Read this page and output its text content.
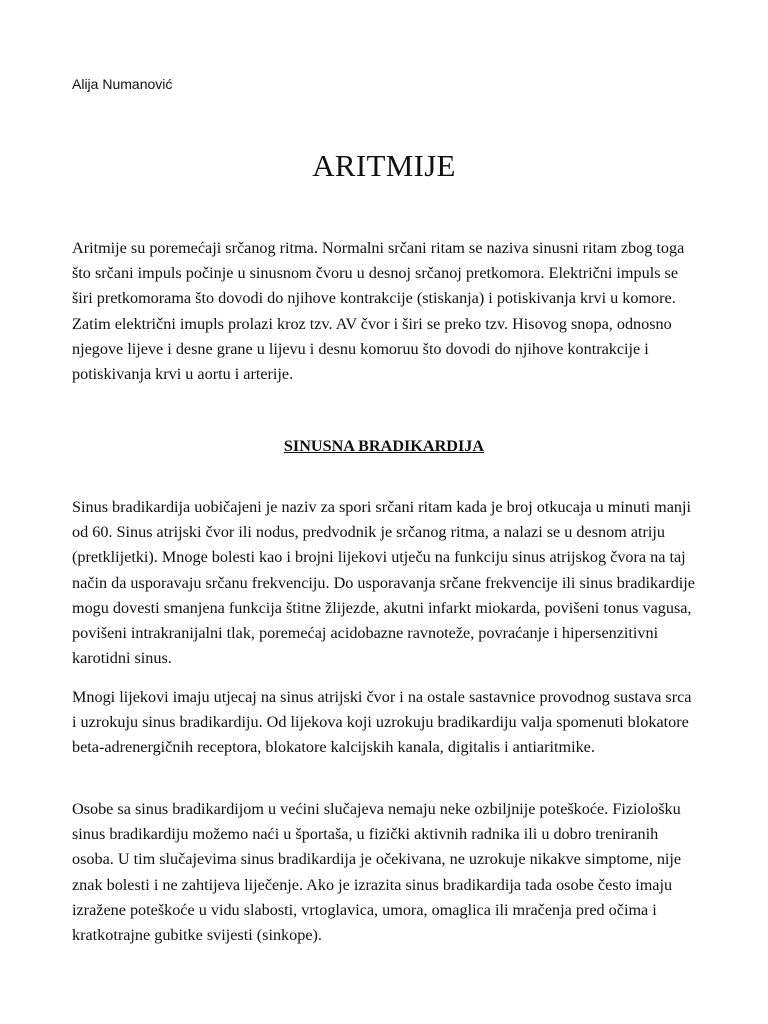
Alija Numanović
ARITMIJE

Aritmije su poremećaji srčanog ritma. Normalni srčani ritam se naziva sinusni ritam zbog toga što srčani impuls počinje u sinusnom čvoru u desnoj srčanoj pretkomora. Električni impuls se širi pretkomorama što dovodi do njihove kontrakcije (stiskanja) i potiskivanja krvi u komore. Zatim električni imupls prolazi kroz tzv. AV čvor i širi se preko tzv. Hisovog snopa, odnosno njegove lijeve i desne grane u lijevu i desnu komoruu što dovodi do njihove kontrakcije i potiskivanja krvi u aortu i arterije.

SINUSNA BRADIKARDIJA

Sinus bradikardija uobičajeni je naziv za spori srčani ritam kada je broj otkucaja u minuti manji od 60. Sinus atrijski čvor ili nodus, predvodnik je srčanog ritma, a nalazi se u desnom atriju (pretklijetki). Mnoge bolesti kao i brojni lijekovi utječu na funkciju sinus atrijskog čvora na taj način da usporavaju srčanu frekvenciju. Do usporavanja srčane frekvencije ili sinus bradikardije mogu dovesti smanjena funkcija štitne žlijezde, akutni infarkt miokarda, povišeni tonus vagusa, povišeni intrakranijalni tlak, poremećaj acidobazne ravnoteže, povraćanje i hipersenzitivni karotidni sinus.

Mnogi lijekovi imaju utjecaj na sinus atrijski čvor i na ostale sastavnice provodnog sustava srca i uzrokuju sinus bradikardiju. Od lijekova koji uzrokuju bradikardiju valja spomenuti blokatore beta-adrenergičnih receptora, blokatore kalcijskih kanala, digitalis i antiaritmike.

Osobe sa sinus bradikardijom u većini slučajeva nemaju neke ozbiljnije poteškoće. Fiziološku sinus bradikardiju možemo naći u športaša, u fizički aktivnih radnika ili u dobro treniranih osoba. U tim slučajevima sinus bradikardija je očekivana, ne uzrokuje nikakve simptome, nije znak bolesti i ne zahtijeva liječenje. Ako je izrazita sinus bradikardija tada osobe često imaju izražene poteškoće u vidu slabosti, vrtoglavica, umora, omaglica ili mračenja pred očima i kratkotrajne gubitke svijesti (sinkope).
